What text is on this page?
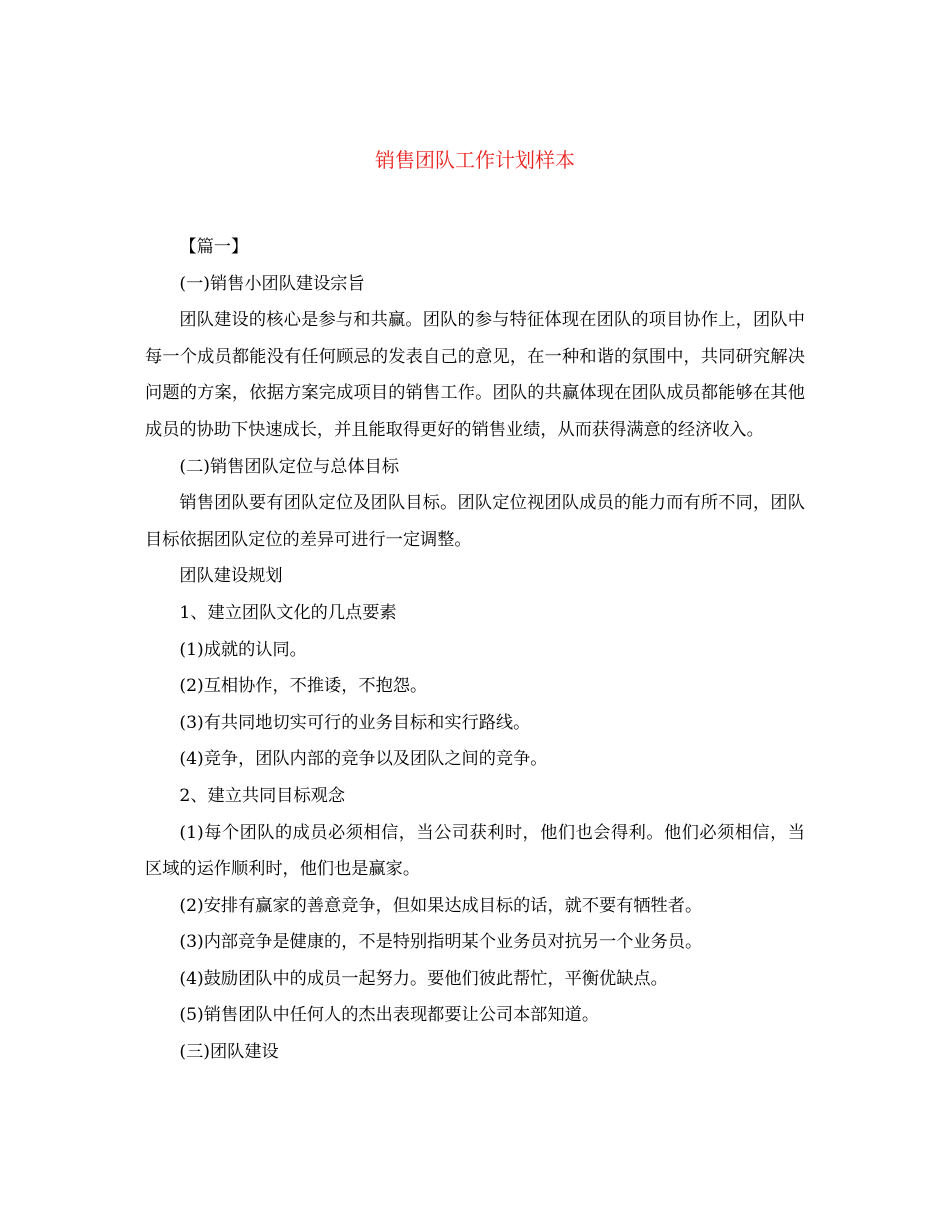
销售团队工作计划样本

【篇一】

(一)销售小团队建设宗旨

团队建设的核心是参与和共赢。团队的参与特征体现在团队的项目协作上，团队中每一个成员都能没有任何顾忌的发表自己的意见，在一种和谐的氛围中，共同研究解决问题的方案，依据方案完成项目的销售工作。团队的共赢体现在团队成员都能够在其他成员的协助下快速成长，并且能取得更好的销售业绩，从而获得满意的经济收入。

(二)销售团队定位与总体目标

销售团队要有团队定位及团队目标。团队定位视团队成员的能力而有所不同，团队目标依据团队定位的差异可进行一定调整。

团队建设规划

1、建立团队文化的几点要素

(1)成就的认同。

(2)互相协作，不推诿，不抱怨。

(3)有共同地切实可行的业务目标和实行路线。

(4)竞争，团队内部的竞争以及团队之间的竞争。

2、建立共同目标观念

(1)每个团队的成员必须相信，当公司获利时，他们也会得利。他们必须相信，当区域的运作顺利时，他们也是赢家。

(2)安排有赢家的善意竞争，但如果达成目标的话，就不要有牺牲者。

(3)内部竞争是健康的，不是特别指明某个业务员对抗另一个业务员。

(4)鼓励团队中的成员一起努力。要他们彼此帮忙，平衡优缺点。

(5)销售团队中任何人的杰出表现都要让公司本部知道。

(三)团队建设
